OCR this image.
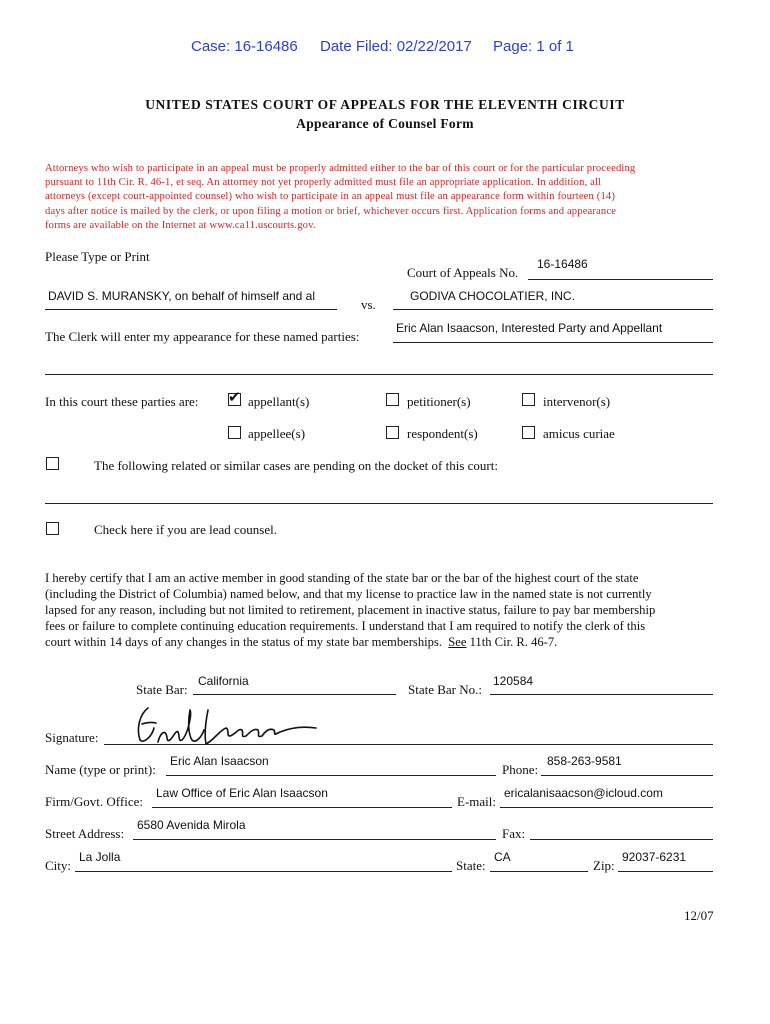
Case: 16-16486 Date Filed: 02/22/2017 Page: 1 of 1
UNITED STATES COURT OF APPEALS FOR THE ELEVENTH CIRCUIT
Appearance of Counsel Form
Attorneys who wish to participate in an appeal must be properly admitted either to the bar of this court or for the particular proceeding
pursuant to 11th Cir. R. 46-1, et seq. An attorney not yet properly admitted must file an appropriate application. In addition, all
attorneys (except court-appointed counsel) who wish to participate in an appeal must file an appearance form within fourteen (14)
days after notice is mailed by the clerk, or upon filing a motion or brief, whichever occurs first. Application forms and appearance
forms are available on the Internet at www.ca11.uscourts.gov.
Please Type or Print
Court of Appeals No.
16-16486
DAVID S. MURANSKY, on behalf of himself and al
vs.
GODIVA CHOCOLATIER, INC.
The Clerk will enter my appearance for these named parties:
Eric Alan Isaacson, Interested Party and Appellant
In this court these parties are: ✔ appellant(s)	petitioner(s)	intervenor(s)
appellee(s)	respondent(s)	amicus curiae
The following related or similar cases are pending on the docket of this court:
Check here if you are lead counsel.
I hereby certify that I am an active member in good standing of the state bar or the bar of the highest court of the state
(including the District of Columbia) named below, and that my license to practice law in the named state is not currently
lapsed for any reason, including but not limited to retirement, placement in inactive status, failure to pay bar membership
fees or failure to complete continuing education requirements. I understand that I am required to notify the clerk of this
court within 14 days of any changes in the status of my state bar memberships.  See 11th Cir. R. 46-7.
State Bar:
California
State Bar No.:
120584
Signature:
Name (type or print):
Eric Alan Isaacson
Phone:
858-263-9581
Firm/Govt. Office:
Law Office of Eric Alan Isaacson
E-mail:
ericalanisaacson@icloud.com
Street Address:
6580 Avenida Mirola
Fax:
City:
La Jolla
State:
CA
Zip:
92037-6231
12/07
